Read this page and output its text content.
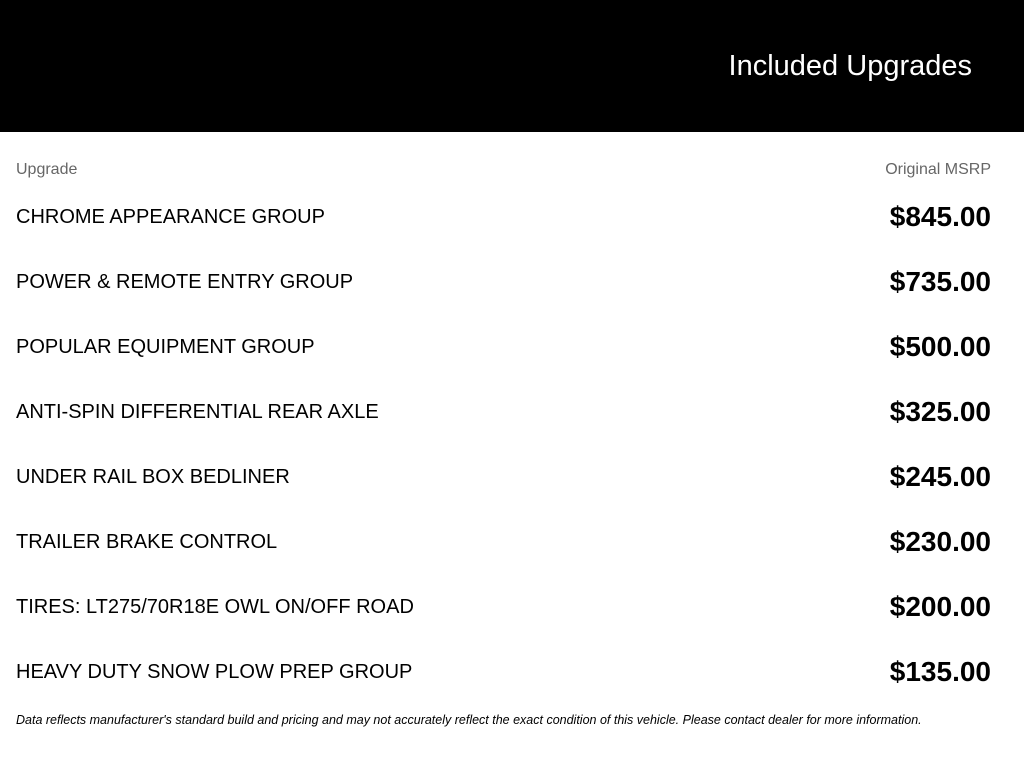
Included Upgrades
Upgrade	Original MSRP
CHROME APPEARANCE GROUP	$845.00
POWER & REMOTE ENTRY GROUP	$735.00
POPULAR EQUIPMENT GROUP	$500.00
ANTI-SPIN DIFFERENTIAL REAR AXLE	$325.00
UNDER RAIL BOX BEDLINER	$245.00
TRAILER BRAKE CONTROL	$230.00
TIRES: LT275/70R18E OWL ON/OFF ROAD	$200.00
HEAVY DUTY SNOW PLOW PREP GROUP	$135.00
Data reflects manufacturer's standard build and pricing and may not accurately reflect the exact condition of this vehicle. Please contact dealer for more information.
